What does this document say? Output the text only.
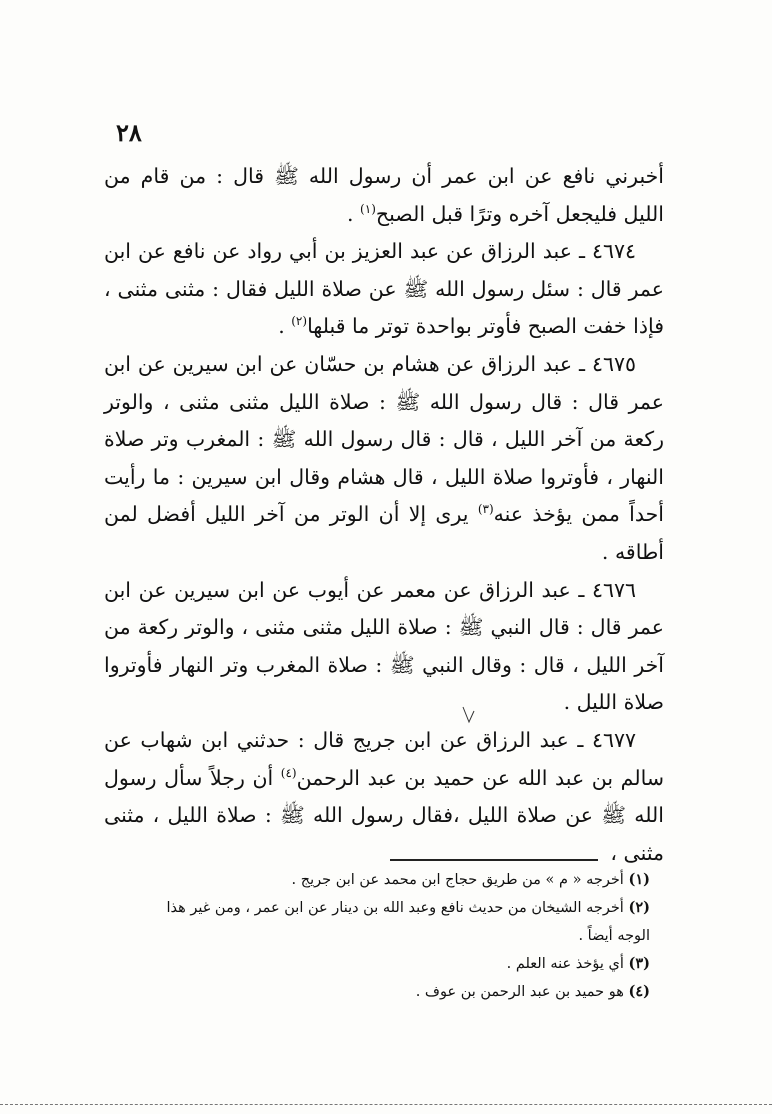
٢٨

أخبرني نافع عن ابن عمر أن رسول الله ﷺ قال : من قام من الليل فليجعل آخره وترًا قبل الصبح$^{(١)}$ .

٤٦٧٤ ـ عبد الرزاق عن عبد العزيز بن أبي رواد عن نافع عن ابن عمر قال : سئل رسول الله ﷺ عن صلاة الليل فقال : مثنى مثنى ، فإذا خفت الصبح فأوتر بواحدة توتر ما قبلها$^{(٢)}$ .

٤٦٧٥ ـ عبد الرزاق عن هشام بن حسّان عن ابن سيرين عن ابن عمر قال : قال رسول الله ﷺ : صلاة الليل مثنى مثنى ، والوتر ركعة من آخر الليل ، قال : قال رسول الله ﷺ : المغرب وتر صلاة النهار ، فأوتروا صلاة الليل ، قال هشام وقال ابن سيرين : ما رأيت أحداً ممن يؤخذ عنه$^{(٣)}$ يرى إلا أن الوتر من آخر الليل أفضل لمن أطاقه .

٤٦٧٦ ـ عبد الرزاق عن معمر عن أيوب عن ابن سيرين عن ابن عمر قال : قال النبي ﷺ : صلاة الليل مثنى مثنى ، والوتر ركعة من آخر الليل ، قال : وقال النبي ﷺ : صلاة المغرب وتر النهار فأوتروا صلاة الليل .

٤٦٧٧ ـ عبد الرزاق عن ابن جريج قال : حدثني ابن شهاب عن سالم بن عبد الله عن حميد بن عبد الرحمن$^{(٤)}$ أن رجلاً سأل رسول الله ﷺ عن صلاة الليل ،فقال رسول الله ﷺ : صلاة الليل ، مثنى مثنى ،

(١) أخرجه « م » من طريق حجاج ابن محمد عن ابن جريج .

(٢) أخرجه الشيخان من حديث نافع وعبد الله بن دينار عن ابن عمر ، ومن غير هذا الوجه أيضاً .

(٣) أي يؤخذ عنه العلم .

(٤) هو حميد بن عبد الرحمن بن عوف .
